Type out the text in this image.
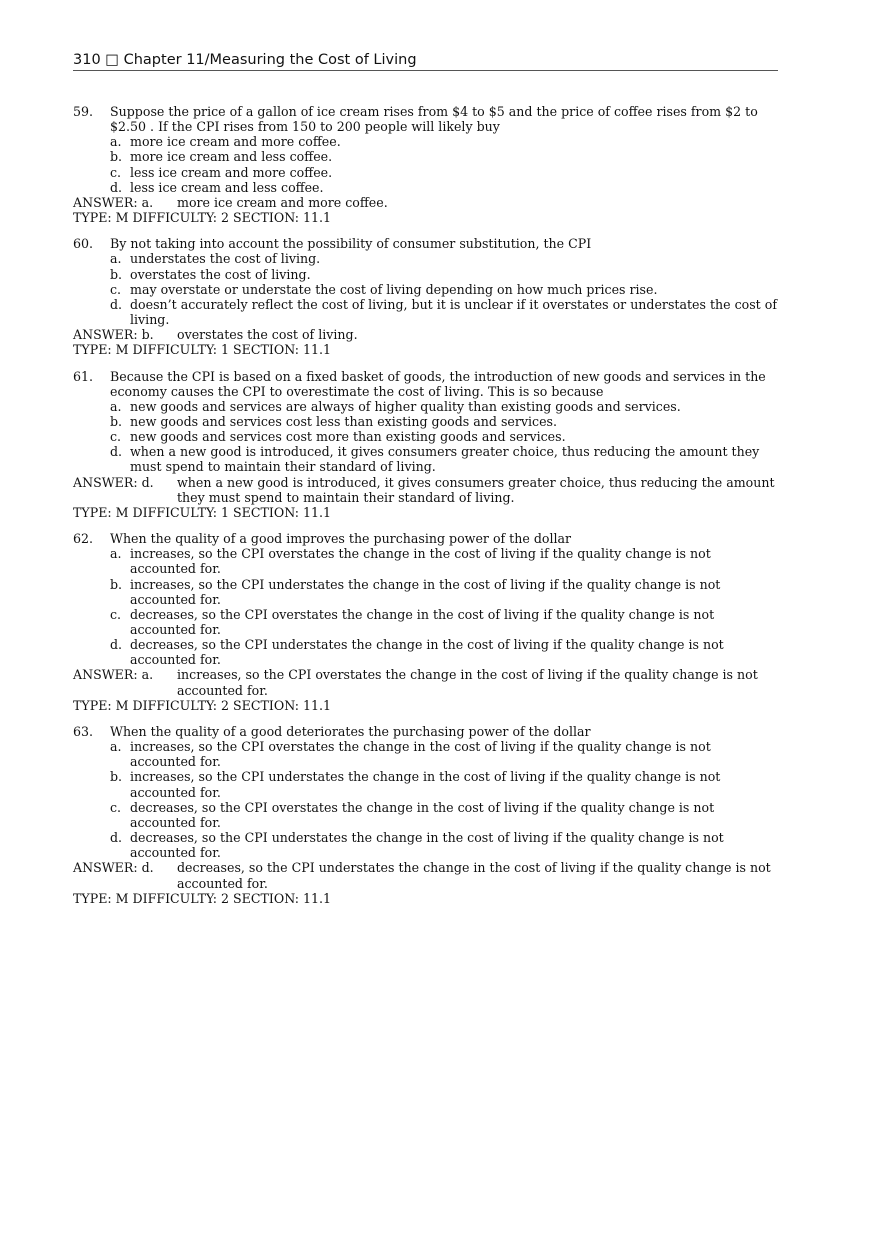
310 □ Chapter 11/Measuring the Cost of Living
59. Suppose the price of a gallon of ice cream rises from $4 to $5 and the price of coffee rises from $2 to $2.50 . If the CPI rises from 150 to 200 people will likely buy
a. more ice cream and more coffee.
b. more ice cream and less coffee.
c. less ice cream and more coffee.
d. less ice cream and less coffee.
ANSWER: a. more ice cream and more coffee.
TYPE: M DIFFICULTY: 2 SECTION: 11.1
60. By not taking into account the possibility of consumer substitution, the CPI
a. understates the cost of living.
b. overstates the cost of living.
c. may overstate or understate the cost of living depending on how much prices rise.
d. doesn’t accurately reflect the cost of living, but it is unclear if it overstates or understates the cost of living.
ANSWER: b. overstates the cost of living.
TYPE: M DIFFICULTY: 1 SECTION: 11.1
61. Because the CPI is based on a fixed basket of goods, the introduction of new goods and services in the economy causes the CPI to overestimate the cost of living. This is so because
a. new goods and services are always of higher quality than existing goods and services.
b. new goods and services cost less than existing goods and services.
c. new goods and services cost more than existing goods and services.
d. when a new good is introduced, it gives consumers greater choice, thus reducing the amount they must spend to maintain their standard of living.
ANSWER: d. when a new good is introduced, it gives consumers greater choice, thus reducing the amount they must spend to maintain their standard of living.
TYPE: M DIFFICULTY: 1 SECTION: 11.1
62. When the quality of a good improves the purchasing power of the dollar
a. increases, so the CPI overstates the change in the cost of living if the quality change is not accounted for.
b. increases, so the CPI understates the change in the cost of living if the quality change is not accounted for.
c. decreases, so the CPI overstates the change in the cost of living if the quality change is not accounted for.
d. decreases, so the CPI understates the change in the cost of living if the quality change is not accounted for.
ANSWER: a. increases, so the CPI overstates the change in the cost of living if the quality change is not accounted for.
TYPE: M DIFFICULTY: 2 SECTION: 11.1
63. When the quality of a good deteriorates the purchasing power of the dollar
a. increases, so the CPI overstates the change in the cost of living if the quality change is not accounted for.
b. increases, so the CPI understates the change in the cost of living if the quality change is not accounted for.
c. decreases, so the CPI overstates the change in the cost of living if the quality change is not accounted for.
d. decreases, so the CPI understates the change in the cost of living if the quality change is not accounted for.
ANSWER: d. decreases, so the CPI understates the change in the cost of living if the quality change is not accounted for.
TYPE: M DIFFICULTY: 2 SECTION: 11.1
